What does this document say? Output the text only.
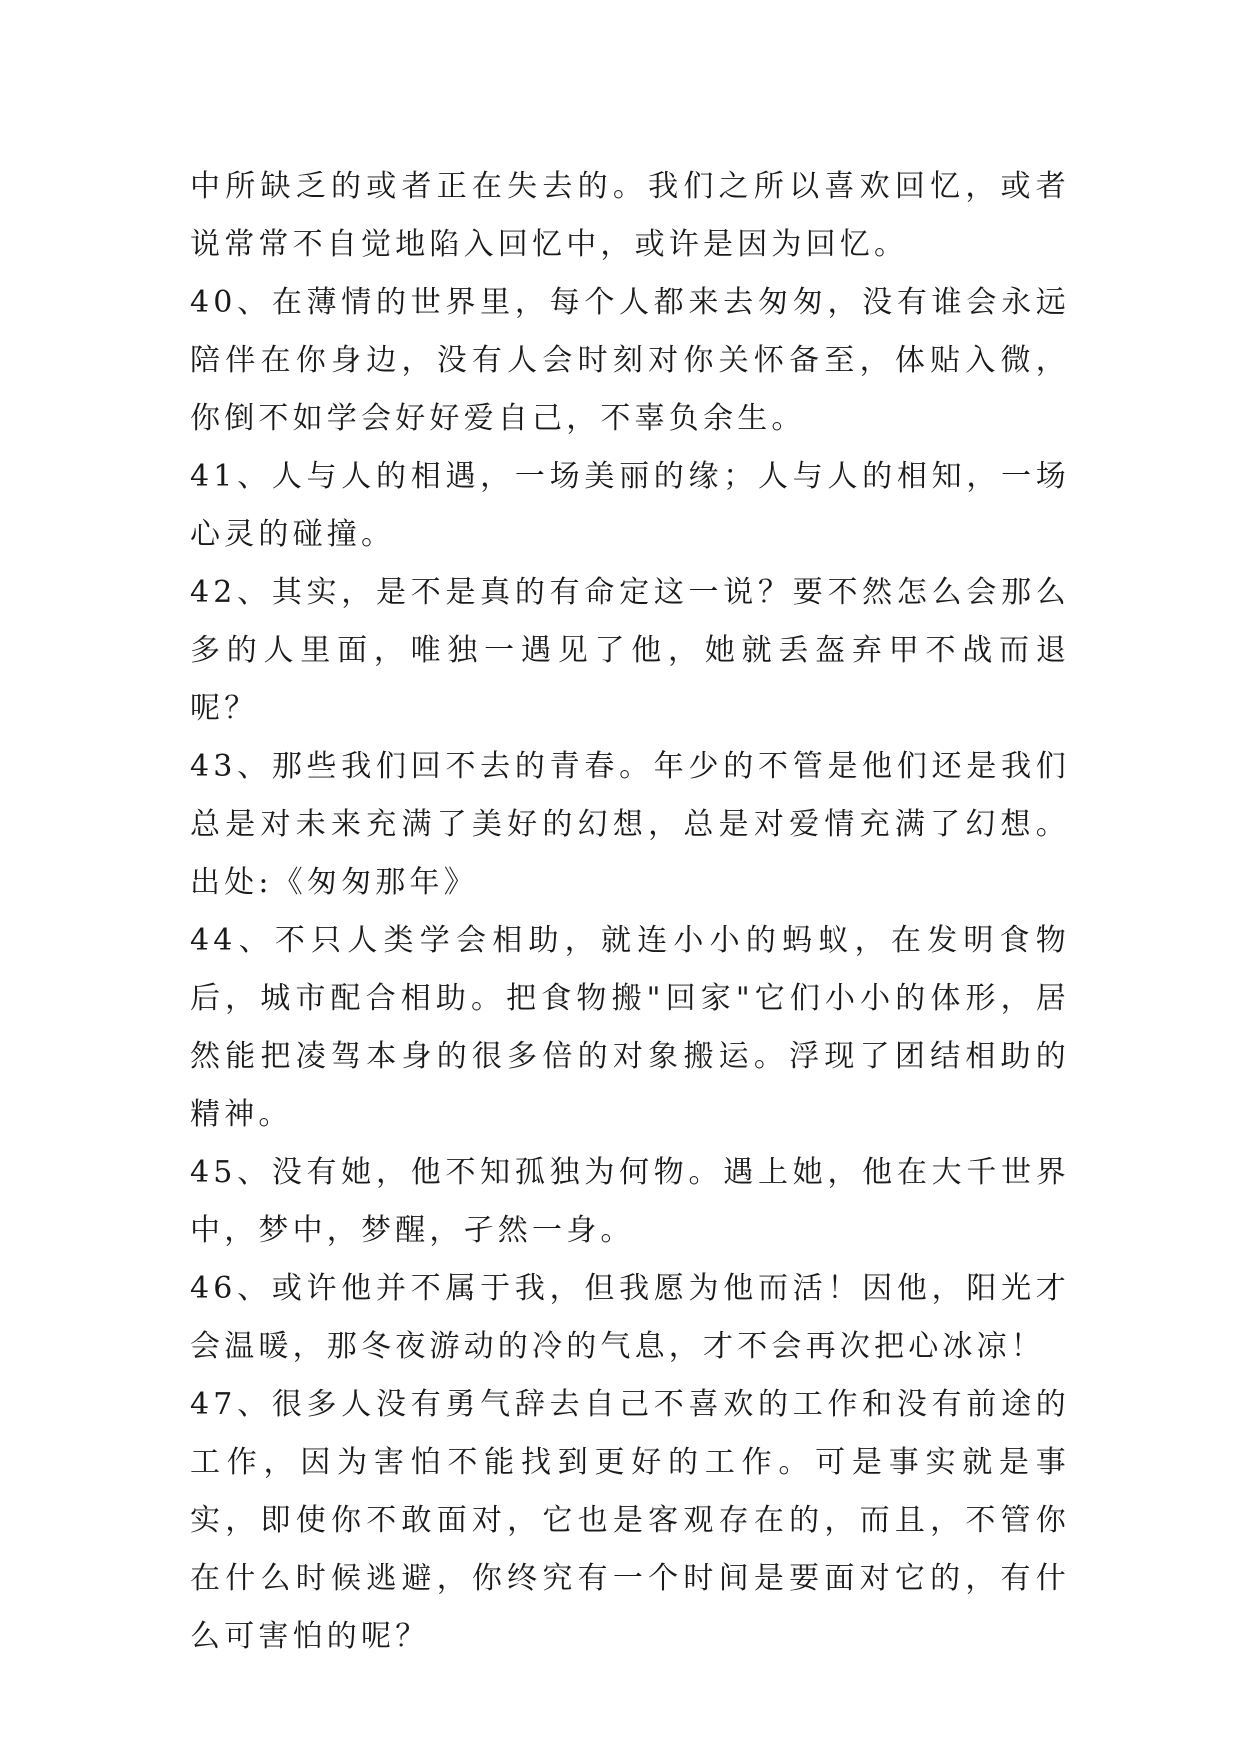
中所缺乏的或者正在失去的。我们之所以喜欢回忆，或者说常常不自觉地陷入回忆中，或许是因为回忆。

40、在薄情的世界里，每个人都来去匆匆，没有谁会永远陪伴在你身边，没有人会时刻对你关怀备至，体贴入微，你倒不如学会好好爱自己，不辜负余生。

41、人与人的相遇，一场美丽的缘；人与人的相知，一场心灵的碰撞。

42、其实，是不是真的有命定这一说？要不然怎么会那么多的人里面，唯独一遇见了他，她就丢盔弃甲不战而退呢？

43、那些我们回不去的青春。年少的不管是他们还是我们总是对未来充满了美好的幻想，总是对爱情充满了幻想。出处:《匆匆那年》

44、不只人类学会相助，就连小小的蚂蚁，在发明食物后，城市配合相助。把食物搬"回家"它们小小的体形，居然能把凌驾本身的很多倍的对象搬运。浮现了团结相助的精神。

45、没有她，他不知孤独为何物。遇上她，他在大千世界中，梦中，梦醒，孑然一身。

46、或许他并不属于我，但我愿为他而活！因他，阳光才会温暖，那冬夜游动的冷的气息，才不会再次把心冰凉！

47、很多人没有勇气辞去自己不喜欢的工作和没有前途的工作，因为害怕不能找到更好的工作。可是事实就是事实，即使你不敢面对，它也是客观存在的，而且，不管你在什么时候逃避，你终究有一个时间是要面对它的，有什么可害怕的呢？
